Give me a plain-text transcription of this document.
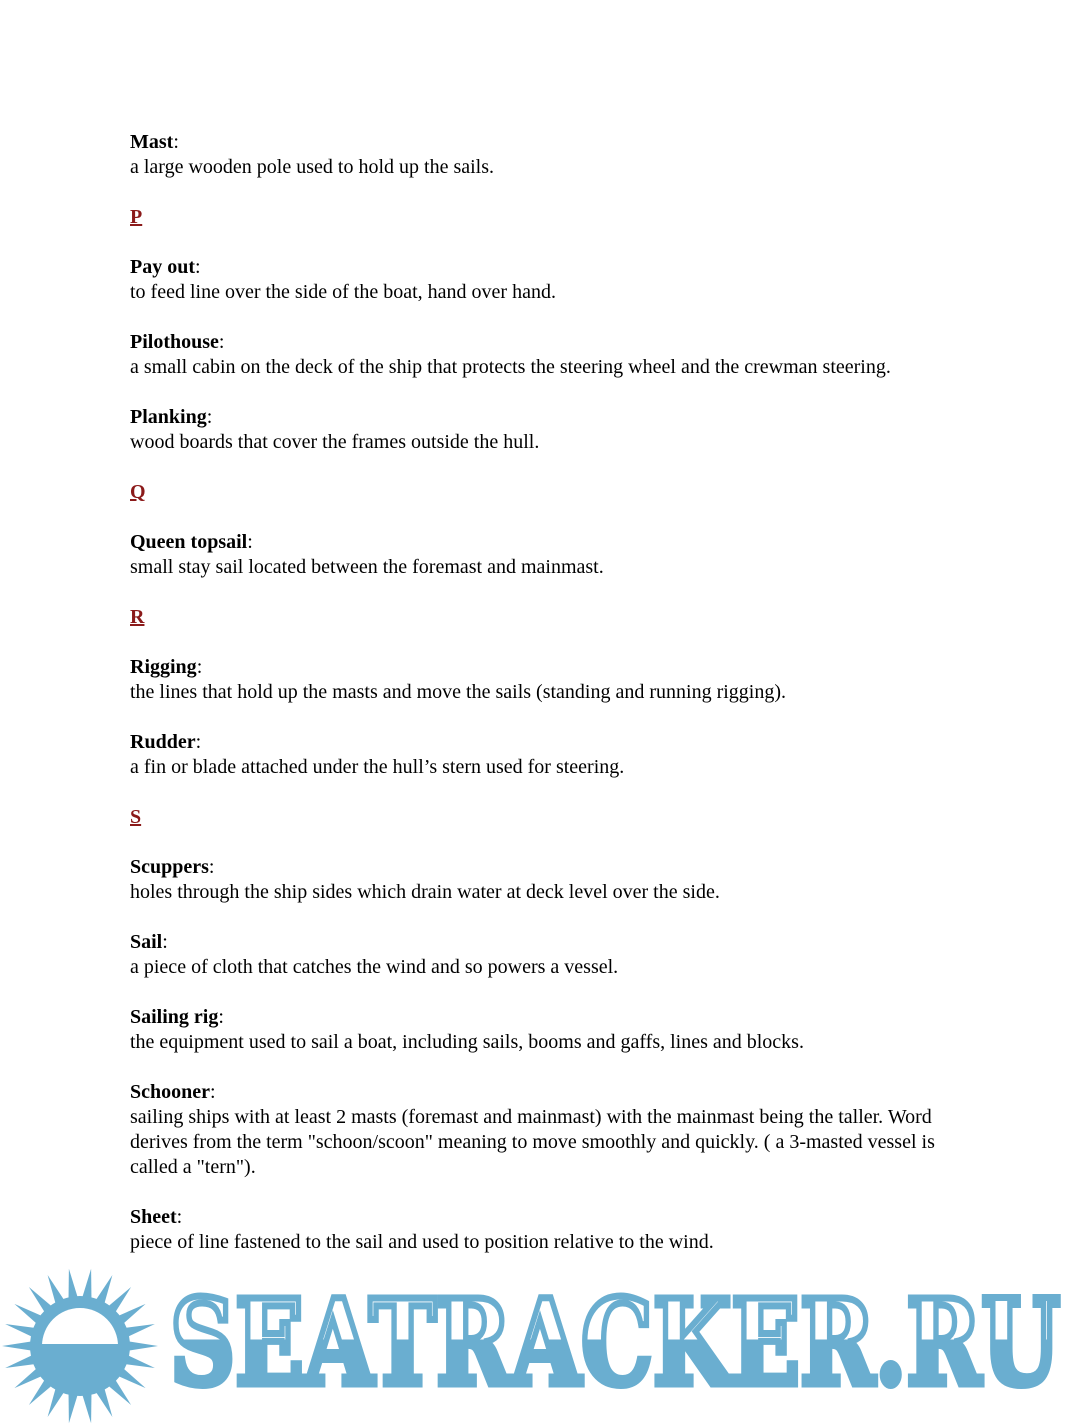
Mast:
a large wooden pole used to hold up the sails.
P
Pay out:
to feed line over the side of the boat, hand over hand.
Pilothouse:
a small cabin on the deck of the ship that protects the steering wheel and the crewman steering.
Planking:
wood boards that cover the frames outside the hull.
Q
Queen topsail:
small stay sail located between the foremast and mainmast.
R
Rigging:
the lines that hold up the masts and move the sails (standing and running rigging).
Rudder:
a fin or blade attached under the hull’s stern used for steering.
S
Scuppers:
holes through the ship sides which drain water at deck level over the side.
Sail:
a piece of cloth that catches the wind and so powers a vessel.
Sailing rig:
the equipment used to sail a boat, including sails, booms and gaffs, lines and blocks.
Schooner:
sailing ships with at least 2 masts (foremast and mainmast) with the mainmast being the taller. Word derives from the term "schoon/scoon" meaning to move smoothly and quickly. ( a 3-masted vessel is called a "tern").
Sheet:
piece of line fastened to the sail and used to position relative to the wind.
SEATRACKER.RU
